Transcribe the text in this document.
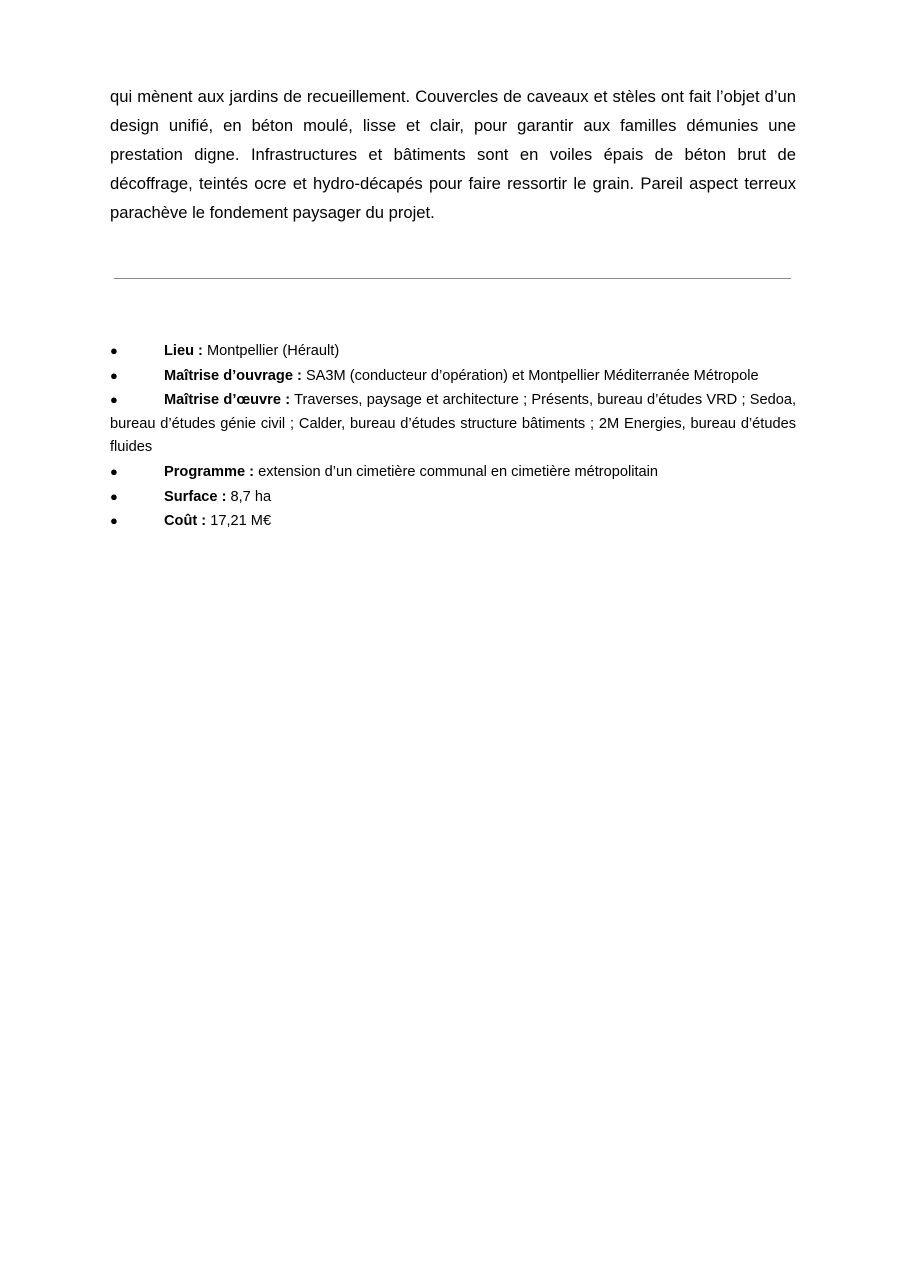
qui mènent aux jardins de recueillement. Couvercles de caveaux et stèles ont fait l’objet d’un design unifié, en béton moulé, lisse et clair, pour garantir aux familles démunies une prestation digne. Infrastructures et bâtiments sont en voiles épais de béton brut de décoffrage, teintés ocre et hydro-décapés pour faire ressortir le grain. Pareil aspect terreux parachève le fondement paysager du projet.

●	Lieu : Montpellier (Hérault)
●	Maîtrise d’ouvrage : SA3M (conducteur d’opération) et Montpellier Méditerranée Métropole
●	Maîtrise d’œuvre : Traverses, paysage et architecture ; Présents, bureau d’études VRD ; Sedoa, bureau d’études génie civil ; Calder, bureau d’études structure bâtiments ; 2M Energies, bureau d’études fluides
●	Programme : extension d’un cimetière communal en cimetière métropolitain
●	Surface : 8,7 ha
●	Coût : 17,21 M€
